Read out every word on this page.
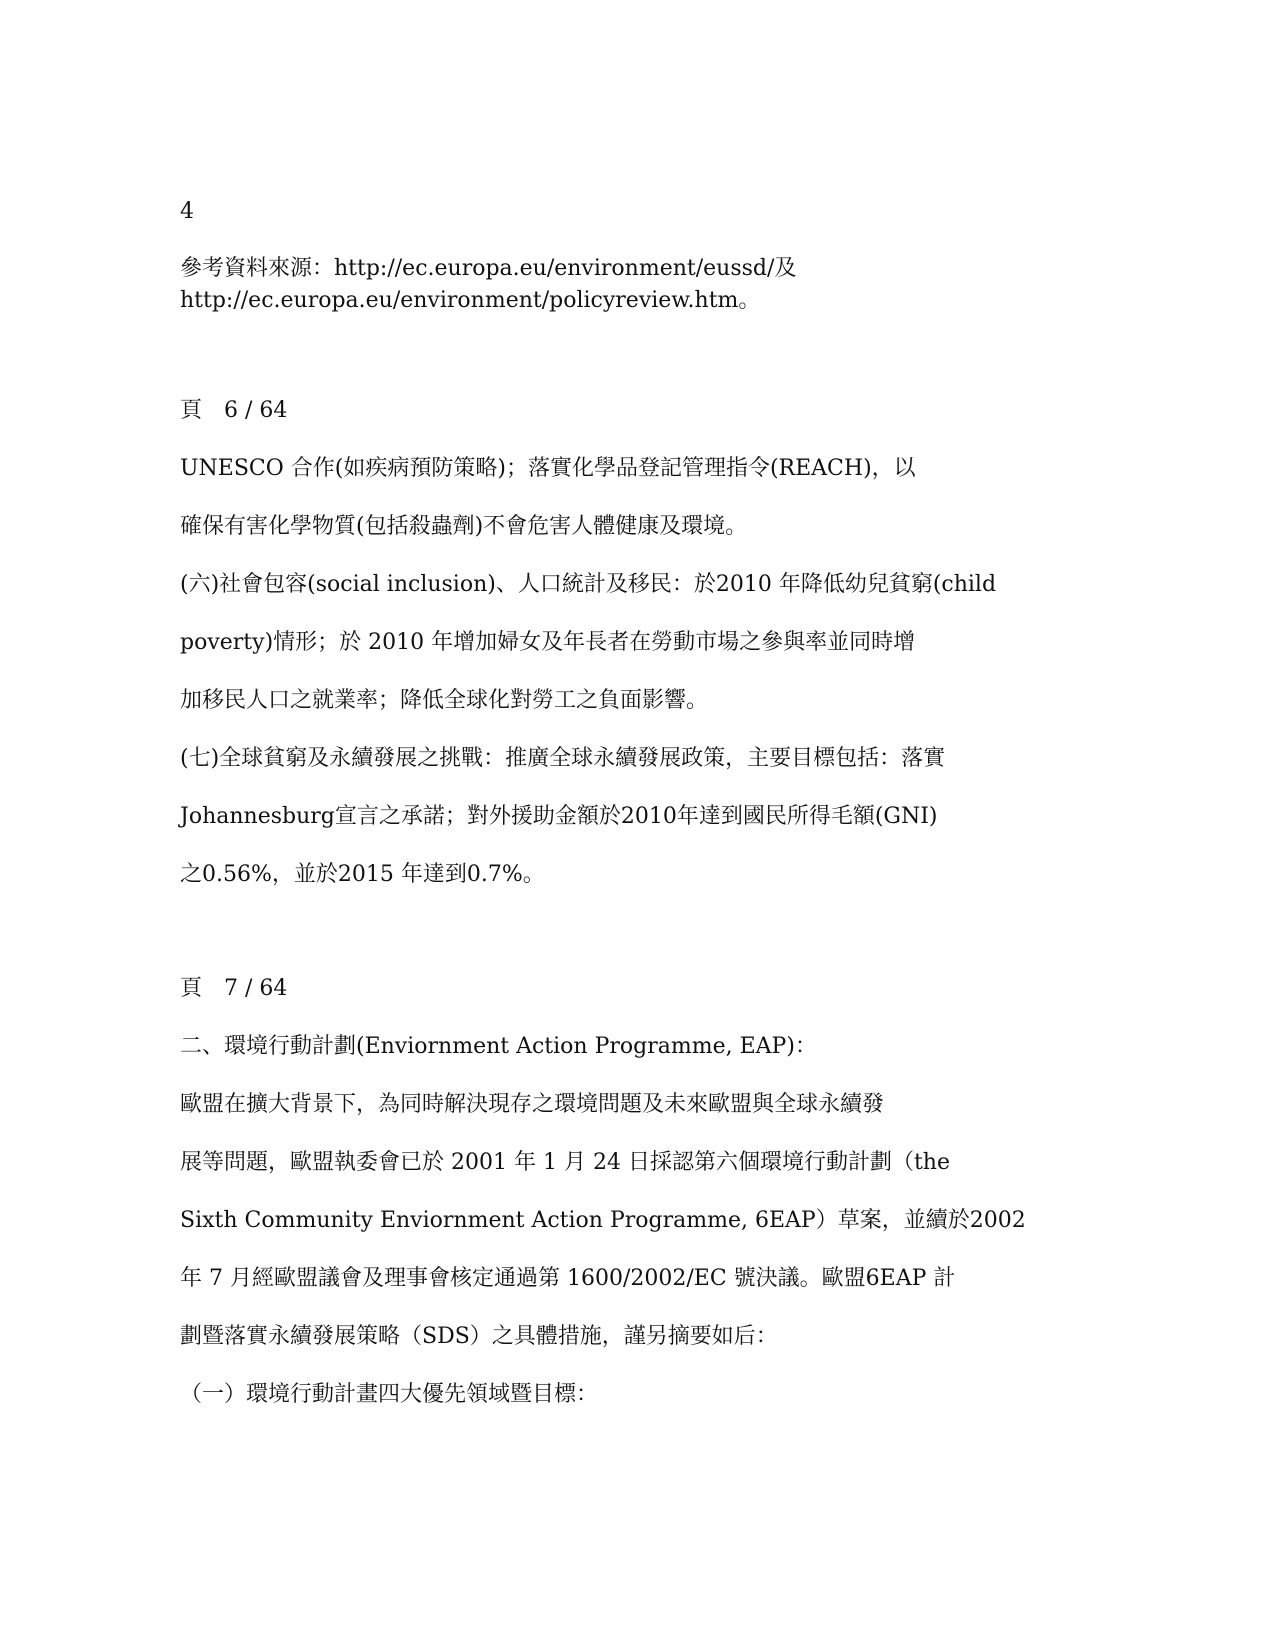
4
參考資料來源：http://ec.europa.eu/environment/eussd/及
http://ec.europa.eu/environment/policyreview.htm。
頁　6 / 64
UNESCO 合作(如疾病預防策略)；落實化學品登記管理指令(REACH)，以
確保有害化學物質(包括殺蟲劑)不會危害人體健康及環境。
(六)社會包容(social inclusion)、人口統計及移民：於2010 年降低幼兒貧窮(child
poverty)情形；於 2010 年增加婦女及年長者在勞動市場之參與率並同時增
加移民人口之就業率；降低全球化對勞工之負面影響。
(七)全球貧窮及永續發展之挑戰：推廣全球永續發展政策，主要目標包括：落實
Johannesburg宣言之承諾；對外援助金額於2010年達到國民所得毛額(GNI)
之0.56%，並於2015 年達到0.7%。
頁　7 / 64
二、環境行動計劃(Enviornment Action Programme, EAP)：
歐盟在擴大背景下，為同時解決現存之環境問題及未來歐盟與全球永續發
展等問題，歐盟執委會已於 2001 年 1 月 24 日採認第六個環境行動計劃（the
Sixth Community Enviornment Action Programme, 6EAP）草案，並續於2002
年 7 月經歐盟議會及理事會核定通過第 1600/2002/EC 號決議。歐盟6EAP 計
劃暨落實永續發展策略（SDS）之具體措施，謹另摘要如后：
（一）環境行動計畫四大優先領域暨目標：
